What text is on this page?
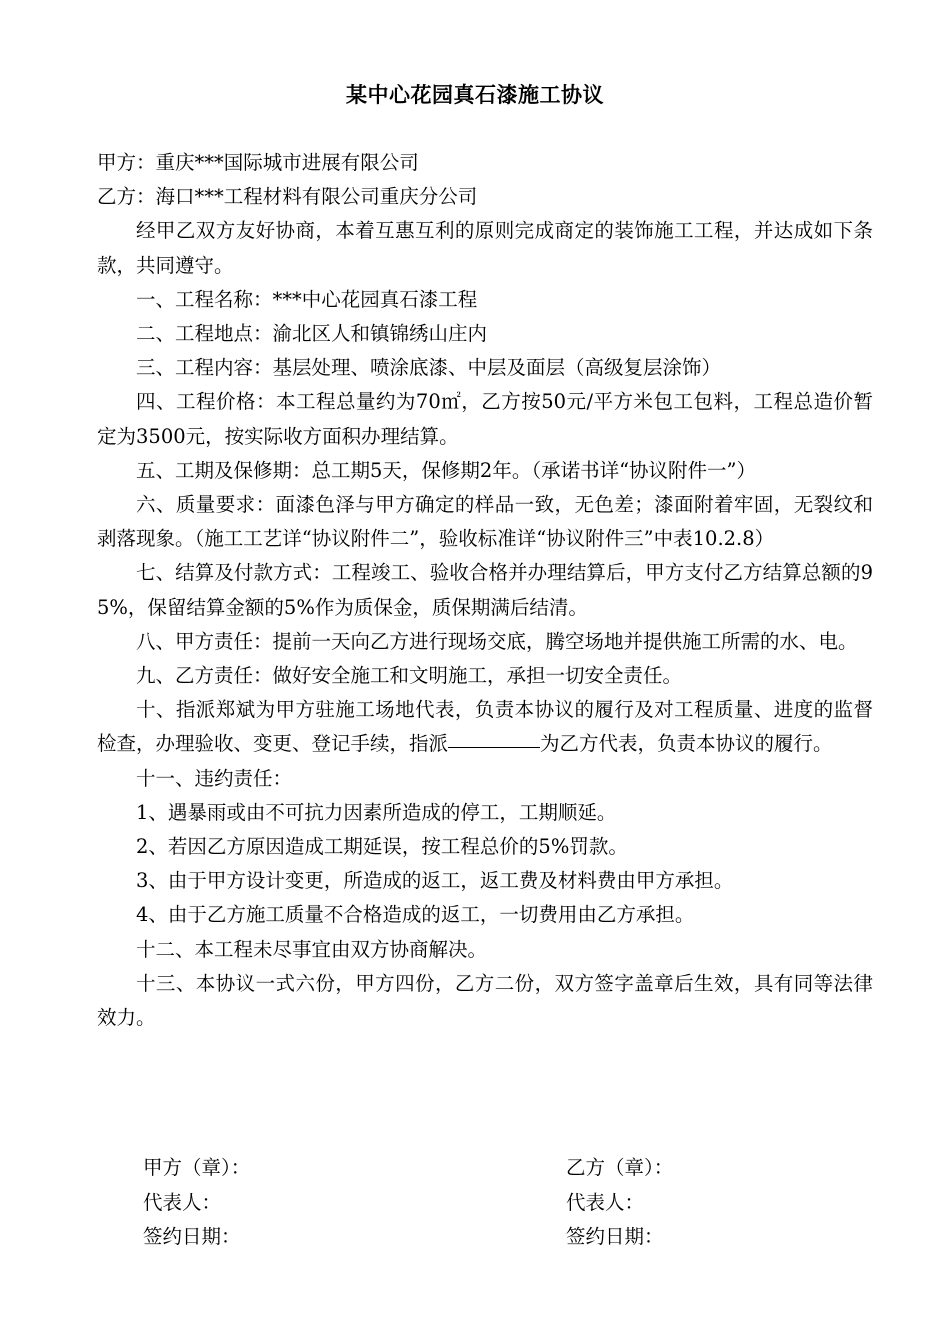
某中心花园真石漆施工协议

甲方：重庆***国际城市进展有限公司

乙方：海口***工程材料有限公司重庆分公司

经甲乙双方友好协商，本着互惠互利的原则完成商定的装饰施工工程，并达成如下条款，共同遵守。

一、工程名称：***中心花园真石漆工程

二、工程地点：渝北区人和镇锦绣山庄内

三、工程内容：基层处理、喷涂底漆、中层及面层（高级复层涂饰）

四、工程价格：本工程总量约为70㎡，乙方按50元/平方米包工包料，工程总造价暂定为3500元，按实际收方面积办理结算。

五、工期及保修期：总工期5天，保修期2年。（承诺书详“协议附件一”）

六、质量要求：面漆色泽与甲方确定的样品一致，无色差；漆面附着牢固，无裂纹和剥落现象。（施工工艺详“协议附件二”，验收标准详“协议附件三”中表10.2.8）

七、结算及付款方式：工程竣工、验收合格并办理结算后，甲方支付乙方结算总额的95%，保留结算金额的5%作为质保金，质保期满后结清。

八、甲方责任：提前一天向乙方进行现场交底，腾空场地并提供施工所需的水、电。

九、乙方责任：做好安全施工和文明施工，承担一切安全责任。

十、指派郑斌为甲方驻施工场地代表，负责本协议的履行及对工程质量、进度的监督检查，办理验收、变更、登记手续，指派	为乙方代表，负责本协议的履行。

十一、违约责任：

1、遇暴雨或由不可抗力因素所造成的停工，工期顺延。

2、若因乙方原因造成工期延误，按工程总价的5%罚款。

3、由于甲方设计变更，所造成的返工，返工费及材料费由甲方承担。

4、由于乙方施工质量不合格造成的返工，一切费用由乙方承担。

十二、本工程未尽事宜由双方协商解决。

十三、本协议一式六份，甲方四份，乙方二份，双方签字盖章后生效，具有同等法律效力。

甲方（章）：
代表人：
签约日期：
乙方（章）：
代表人：
签约日期：
